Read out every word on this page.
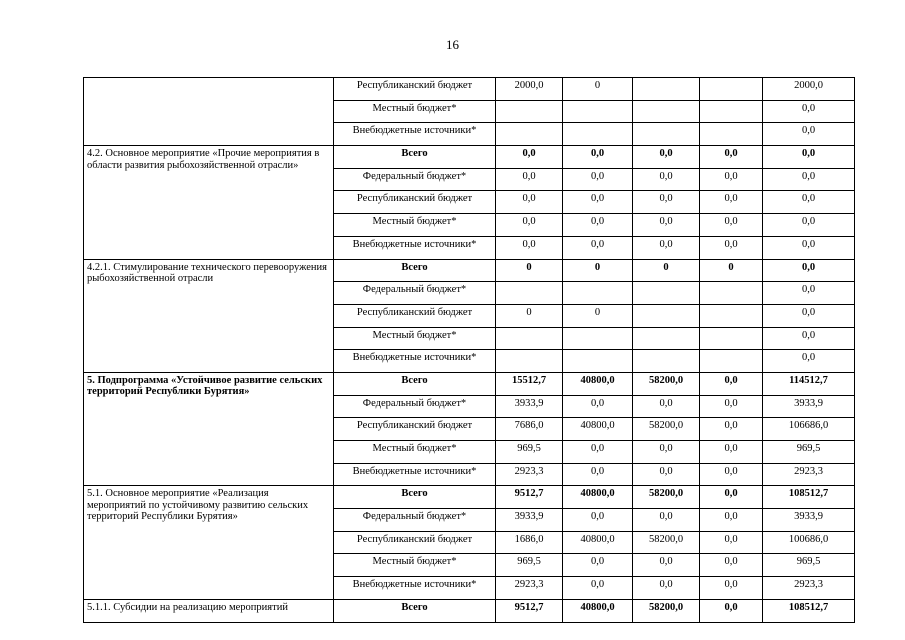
16
	Республиканский бюджет	2000,0	0			2000,0
	Местный бюджет*					0,0
	Внебюджетные источники*					0,0
4.2. Основное мероприятие «Прочие мероприятия в области развития рыбохозяйственной отрасли»	Всего	0,0	0,0	0,0	0,0	0,0
	Федеральный бюджет*	0,0	0,0	0,0	0,0	0,0
	Республиканский бюджет	0,0	0,0	0,0	0,0	0,0
	Местный бюджет*	0,0	0,0	0,0	0,0	0,0
	Внебюджетные источники*	0,0	0,0	0,0	0,0	0,0
4.2.1. Стимулирование технического перевооружения рыбохозяйственной отрасли	Всего	0	0	0	0	0,0
	Федеральный бюджет*					0,0
	Республиканский бюджет	0	0			0,0
	Местный бюджет*					0,0
	Внебюджетные источники*					0,0
5. Подпрограмма «Устойчивое развитие сельских территорий Республики Бурятия»	Всего	15512,7	40800,0	58200,0	0,0	114512,7
	Федеральный бюджет*	3933,9	0,0	0,0	0,0	3933,9
	Республиканский бюджет	7686,0	40800,0	58200,0	0,0	106686,0
	Местный бюджет*	969,5	0,0	0,0	0,0	969,5
	Внебюджетные источники*	2923,3	0,0	0,0	0,0	2923,3
5.1. Основное мероприятие «Реализация мероприятий по устойчивому развитию сельских территорий Республики Бурятия»	Всего	9512,7	40800,0	58200,0	0,0	108512,7
	Федеральный бюджет*	3933,9	0,0	0,0	0,0	3933,9
	Республиканский бюджет	1686,0	40800,0	58200,0	0,0	100686,0
	Местный бюджет*	969,5	0,0	0,0	0,0	969,5
	Внебюджетные источники*	2923,3	0,0	0,0	0,0	2923,3
5.1.1. Субсидии на реализацию мероприятий	Всего	9512,7	40800,0	58200,0	0,0	108512,7
